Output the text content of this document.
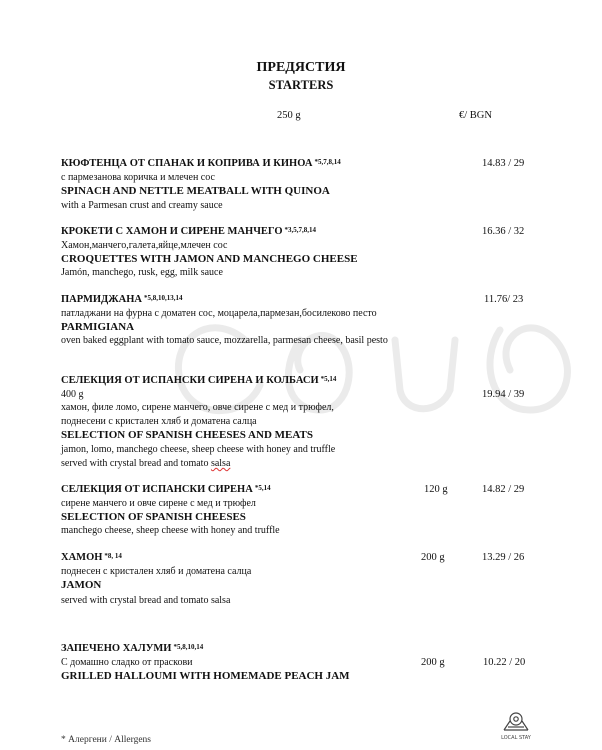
ПРЕДЯСТИЯ
STARTERS
250 g	€/ BGN
КЮФТЕНЦА ОТ СПАНАК И КОПРИВА И КИНОА $^{*5,7,8,14}$	14.83 / 29
с пармезанова коричка и млечен сос
SPINACH AND NETTLE MEATBALL WITH QUINOA
with a Parmesan crust and creamy sauce
КРОКЕТИ С ХАМОН И СИРЕНЕ МАНЧЕГО $^{*3,5,7,8,14}$	16.36 / 32
Хамон,манчего,галета,яйце,млечен сос
CROQUETTES WITH JAMON AND MANCHEGO CHEESE
Jamón, manchego, rusk, egg, milk sauce
ПАРМИДЖАНА $^{*5,8,10,13,14}$	11.76/ 23
патладжани на фурна с доматен сос, моцарела,пармезан,босилеково песто
PARMIGIANA
oven baked eggplant with tomato sauce, mozzarella, parmesan cheese, basil pesto
СЕЛЕКЦИЯ ОТ ИСПАНСКИ СИРЕНА И КОЛБАСИ $^{*5,14}$
400 g	19.94 / 39
хамон, филе ломо, сирене манчего, овче сирене с мед и трюфел,
поднесени с кристален хляб и доматена салца
SELECTION OF SPANISH CHEESES AND MEATS
jamon, lomo, manchego cheese, sheep cheese with honey and truffle
served with crystal bread and tomato salsa
СЕЛЕКЦИЯ ОТ ИСПАНСКИ СИРЕНА $^{*5,14}$	120 g	14.82 / 29
сирене манчего и овче сирене с мед и трюфел
SELECTION OF SPANISH CHEESES
manchego cheese, sheep cheese with honey and truffle
ХАМОН $^{*8, 14}$	200 g	13.29 / 26
поднесен с кристален хляб и доматена салца
JAMON
served with crystal bread and tomato salsa
ЗАПЕЧЕНО ХАЛУМИ $^{*5,8,10,14}$
С домашно сладко от праскови	200 g	10.22 / 20
GRILLED HALLOUMI WITH HOMEMADE PEACH JAM
* Алергени / Allergens	LOCAL STAY
